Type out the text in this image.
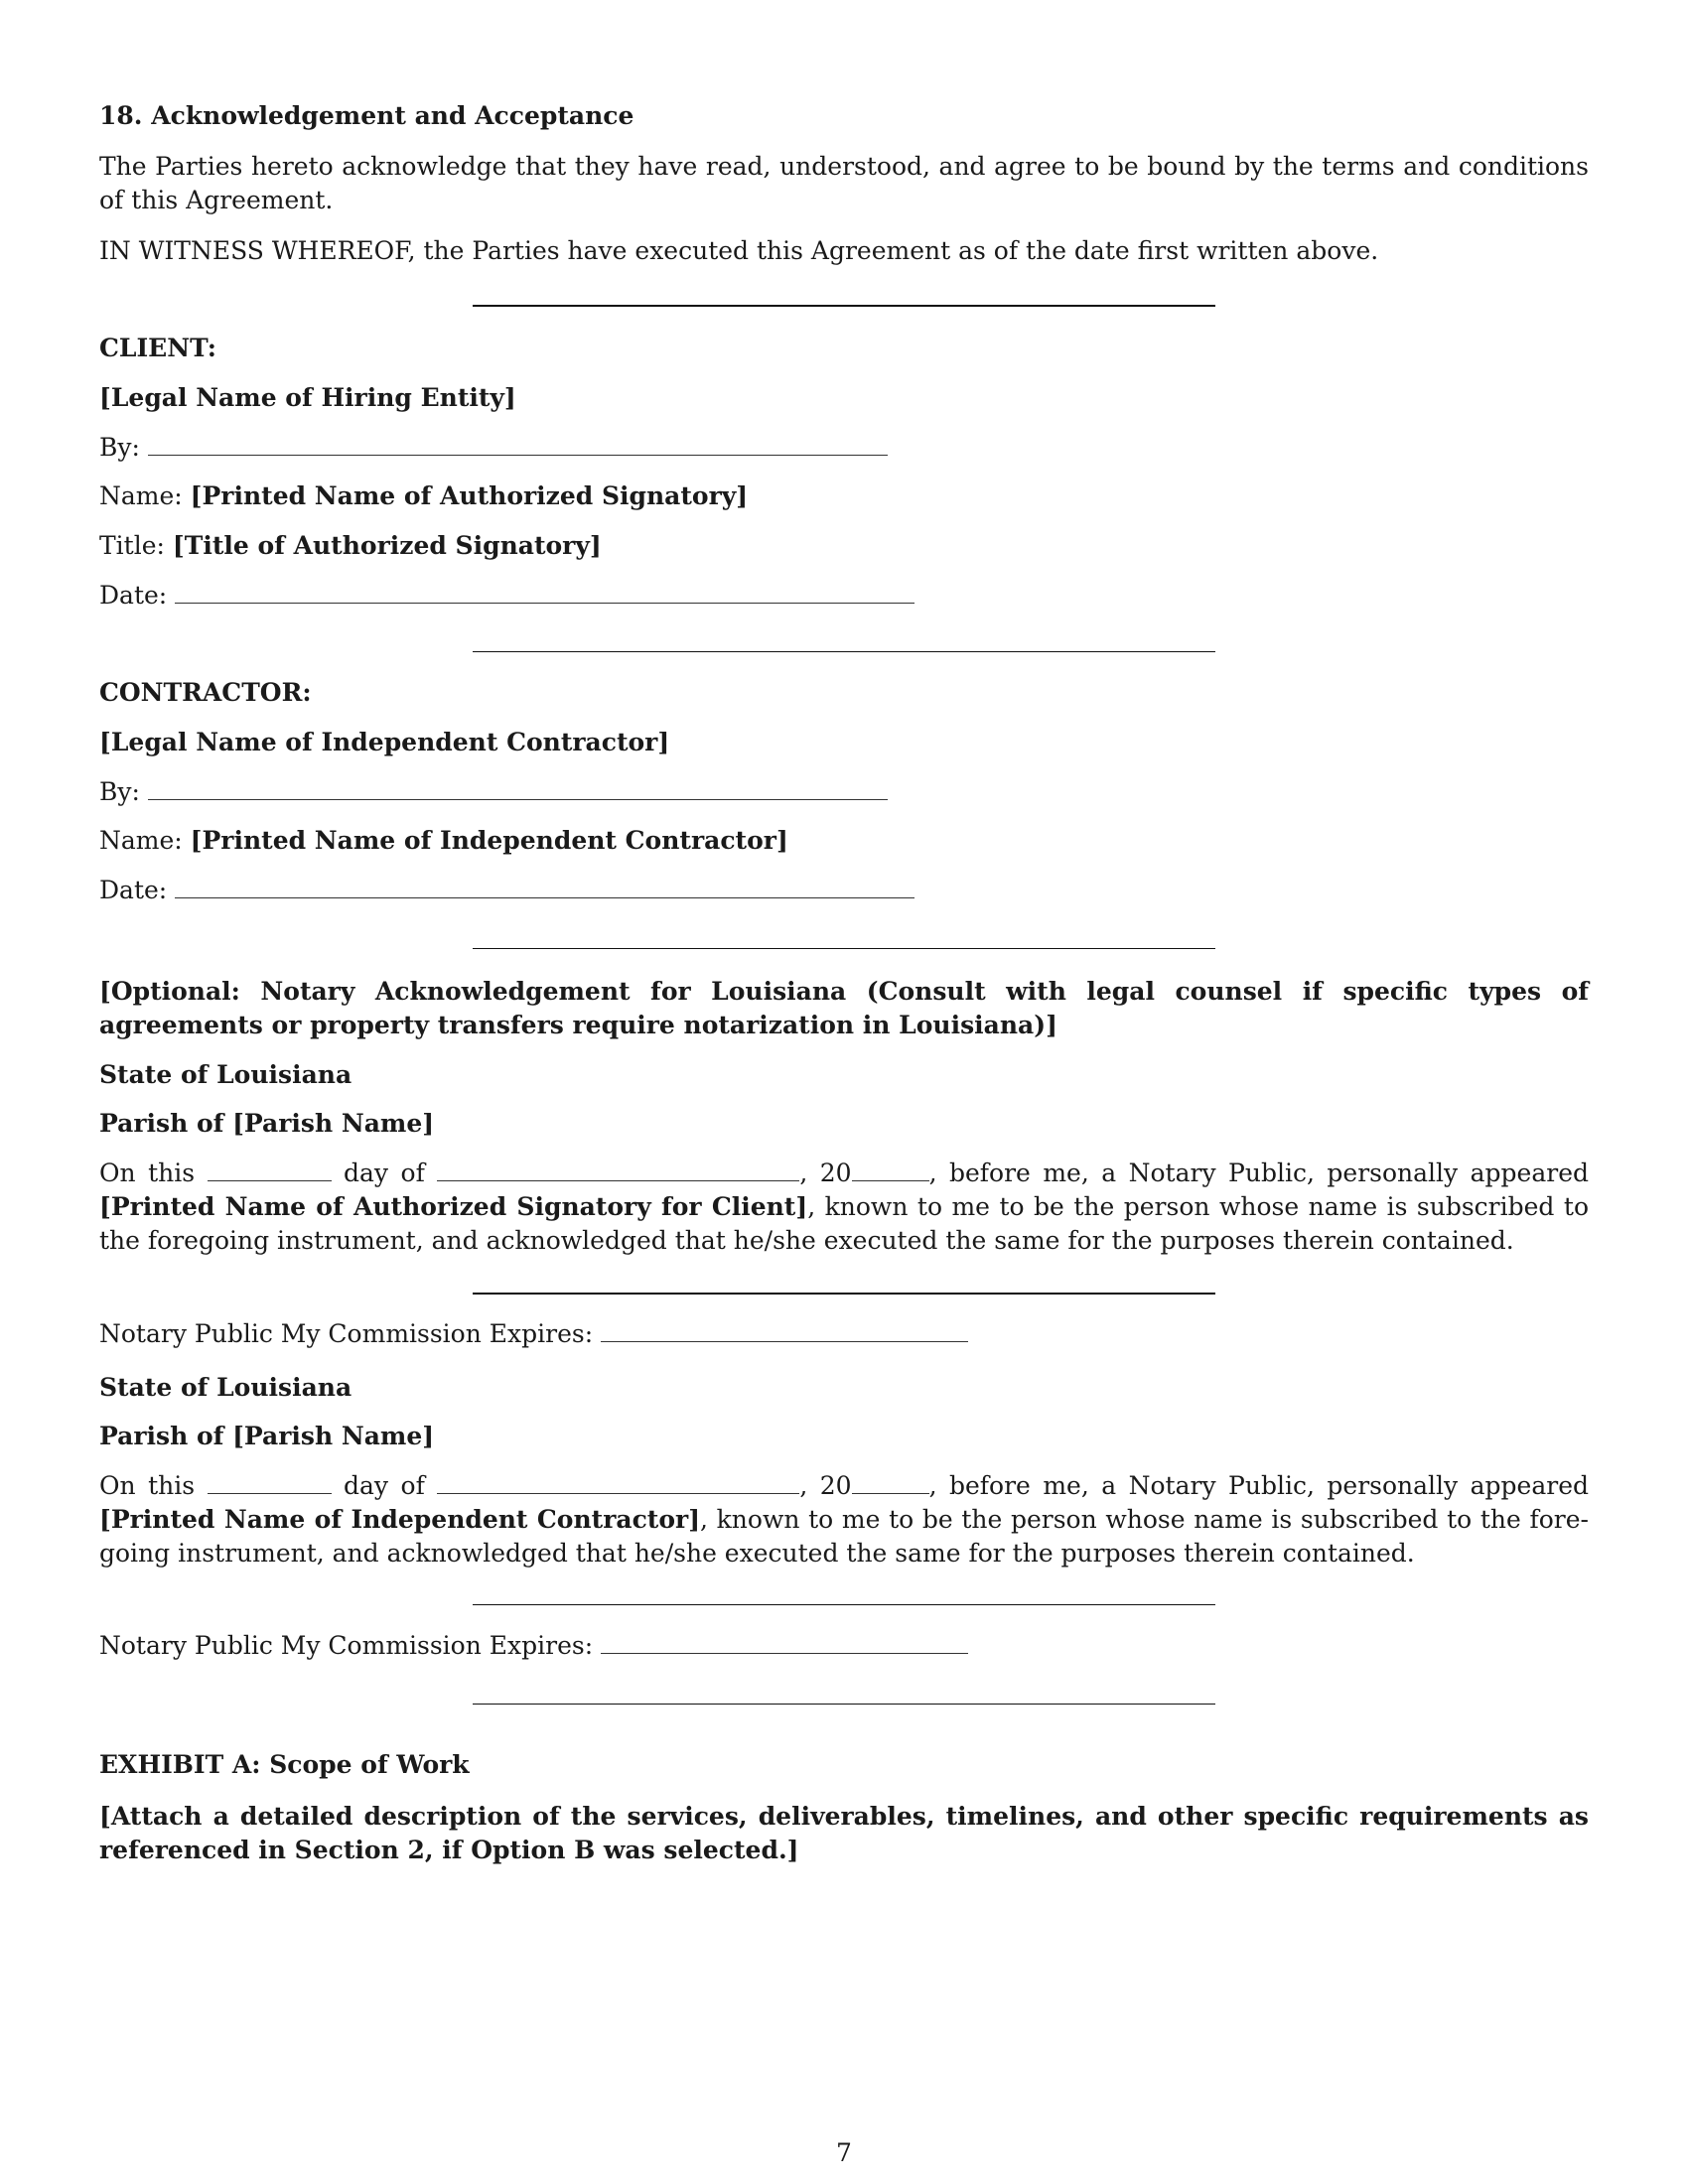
18. Acknowledgement and Acceptance
The Parties hereto acknowledge that they have read, understood, and agree to be bound by the terms and conditions of this Agreement.
IN WITNESS WHEREOF, the Parties have executed this Agreement as of the date first written above.
CLIENT:
[Legal Name of Hiring Entity]
By:
Name: [Printed Name of Authorized Signatory]
Title: [Title of Authorized Signatory]
Date:
CONTRACTOR:
[Legal Name of Independent Contractor]
By:
Name: [Printed Name of Independent Contractor]
Date:
[Optional: Notary Acknowledgement for Louisiana (Consult with legal counsel if specific types of agreements or property transfers require notarization in Louisiana)]
State of Louisiana
Parish of [Parish Name]
On this	day of	, 20	, before me, a Notary Public, personally appeared [Printed Name of Authorized Signatory for Client], known to me to be the person whose name is subscribed to the foregoing instrument, and acknowledged that he/she executed the same for the purposes therein contained.
Notary Public My Commission Expires:
State of Louisiana
Parish of [Parish Name]
On this	day of	, 20	, before me, a Notary Public, personally appeared [Printed Name of Independent Contractor], known to me to be the person whose name is subscribed to the fore-going instrument, and acknowledged that he/she executed the same for the purposes therein contained.
Notary Public My Commission Expires:
EXHIBIT A: Scope of Work
[Attach a detailed description of the services, deliverables, timelines, and other specific requirements as referenced in Section 2, if Option B was selected.]
7
